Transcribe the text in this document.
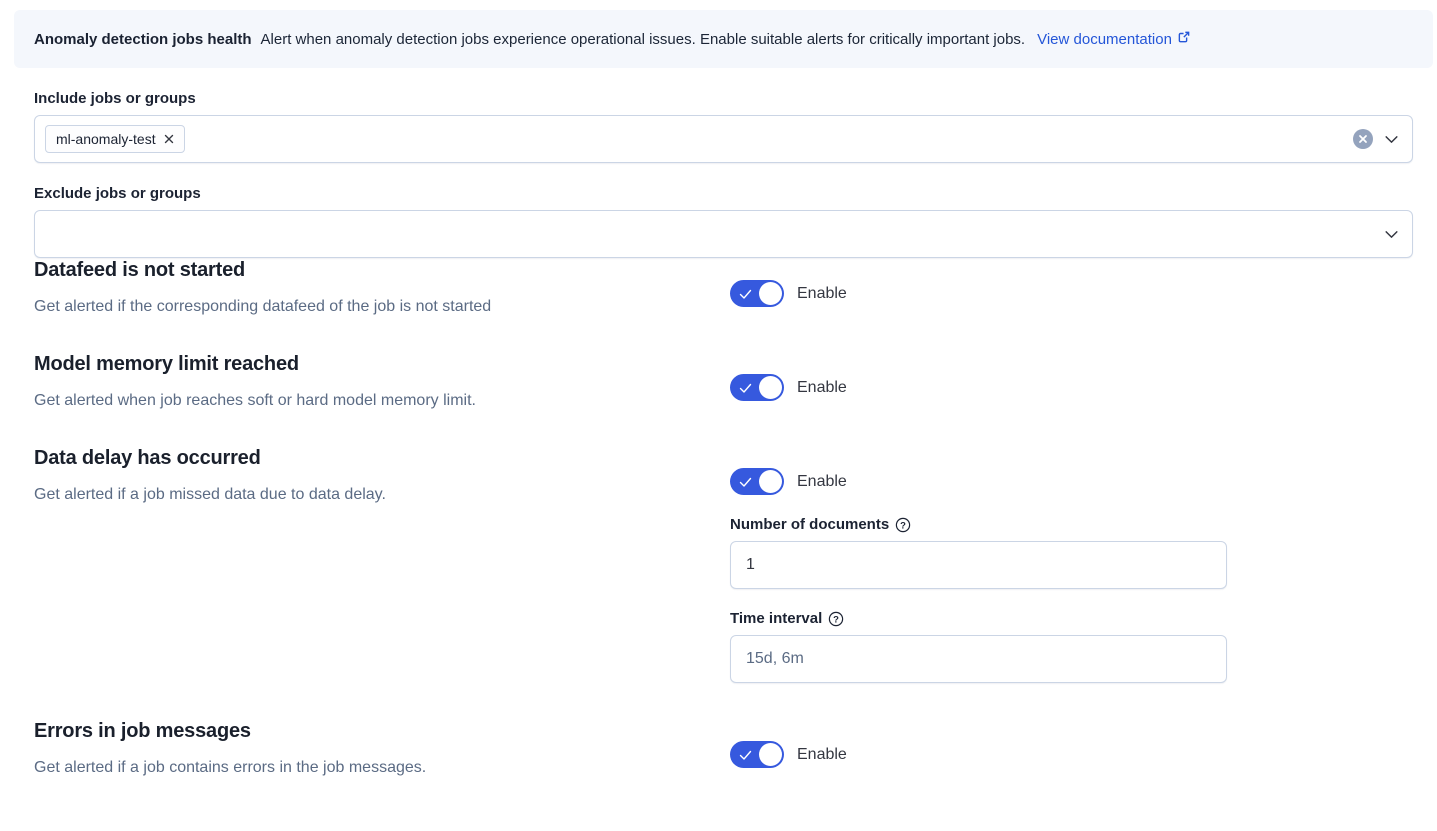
Anomaly detection jobs health Alert when anomaly detection jobs experience operational issues. Enable suitable alerts for critically important jobs. View documentation
Include jobs or groups
ml-anomaly-test
Exclude jobs or groups
Datafeed is not started

Get alerted if the corresponding datafeed of the job is not started

Enable
Model memory limit reached

Get alerted when job reaches soft or hard model memory limit.

Enable
Data delay has occurred

Get alerted if a job missed data due to data delay.

Enable
Number of documents ?
1
Time interval ?
15d, 6m
Errors in job messages

Get alerted if a job contains errors in the job messages.

Enable
